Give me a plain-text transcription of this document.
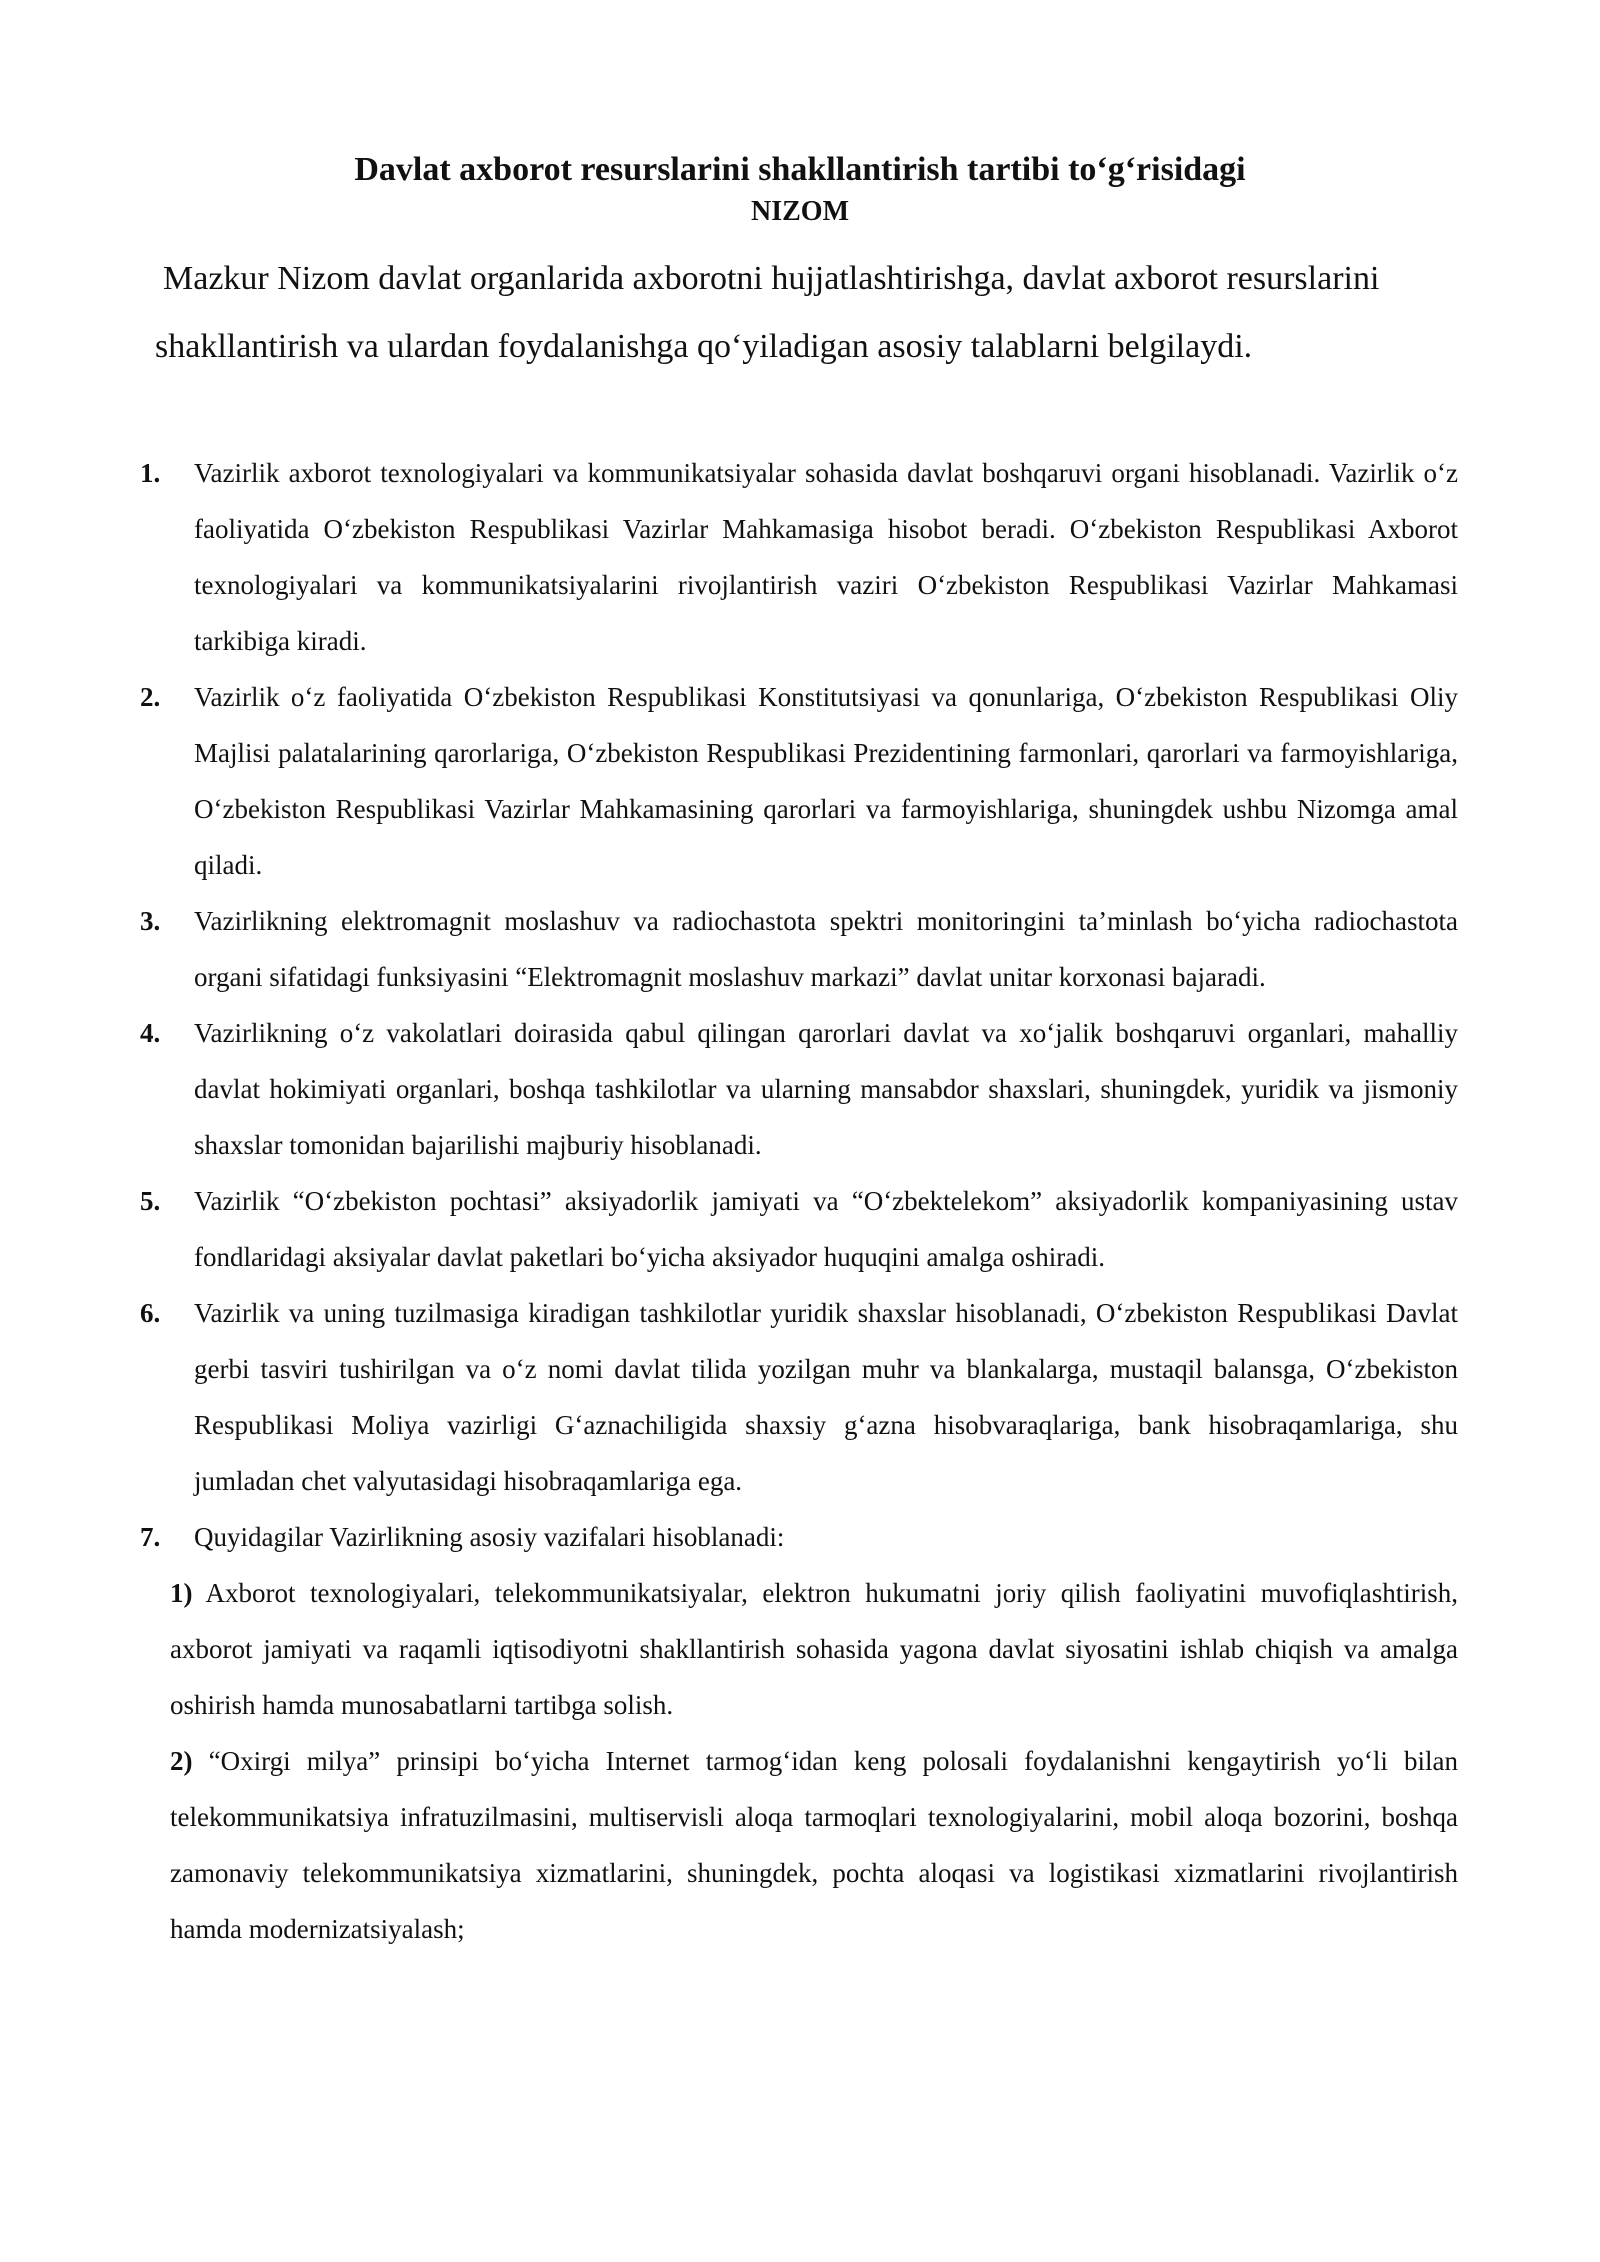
Davlat axborot resurslarini shakllantirish tartibi to‘g‘risidagi
NIZOM

Mazkur Nizom davlat organlarida axborotni hujjatlashtirishga, davlat axborot resurslarini shakllantirish va ulardan foydalanishga qo‘yiladigan asosiy talablarni belgilaydi.

1. Vazirlik axborot texnologiyalari va kommunikatsiyalar sohasida davlat boshqaruvi organi hisoblanadi. Vazirlik o‘z faoliyatida O‘zbekiston Respublikasi Vazirlar Mahkamasiga hisobot beradi. O‘zbekiston Respublikasi Axborot texnologiyalari va kommunikatsiyalarini rivojlantirish vaziri O‘zbekiston Respublikasi Vazirlar Mahkamasi tarkibiga kiradi.
2. Vazirlik o‘z faoliyatida O‘zbekiston Respublikasi Konstitutsiyasi va qonunlariga, O‘zbekiston Respublikasi Oliy Majlisi palatalarining qarorlariga, O‘zbekiston Respublikasi Prezidentining farmonlari, qarorlari va farmoyishlariga, O‘zbekiston Respublikasi Vazirlar Mahkamasining qarorlari va farmoyishlariga, shuningdek ushbu Nizomga amal qiladi.
3. Vazirlikning elektromagnit moslashuv va radiochastota spektri monitoringini ta’minlash bo‘yicha radiochastota organi sifatidagi funksiyasini “Elektromagnit moslashuv markazi” davlat unitar korxonasi bajaradi.
4. Vazirlikning o‘z vakolatlari doirasida qabul qilingan qarorlari davlat va xo‘jalik boshqaruvi organlari, mahalliy davlat hokimiyati organlari, boshqa tashkilotlar va ularning mansabdor shaxslari, shuningdek, yuridik va jismoniy shaxslar tomonidan bajarilishi majburiy hisoblanadi.
5. Vazirlik “O‘zbekiston pochtasi” aksiyadorlik jamiyati va “O‘zbektelekom” aksiyadorlik kompaniyasining ustav fondlaridagi aksiyalar davlat paketlari bo‘yicha aksiyador huquqini amalga oshiradi.
6. Vazirlik va uning tuzilmasiga kiradigan tashkilotlar yuridik shaxslar hisoblanadi, O‘zbekiston Respublikasi Davlat gerbi tasviri tushirilgan va o‘z nomi davlat tilida yozilgan muhr va blankalarga, mustaqil balansga, O‘zbekiston Respublikasi Moliya vazirligi G‘aznachiligida shaxsiy g‘azna hisobvaraqlariga, bank hisobraqamlariga, shu jumladan chet valyutasidagi hisobraqamlariga ega.
7. Quyidagilar Vazirlikning asosiy vazifalari hisoblanadi:
1) Axborot texnologiyalari, telekommunikatsiyalar, elektron hukumatni joriy qilish faoliyatini muvofiqlashtirish, axborot jamiyati va raqamli iqtisodiyotni shakllantirish sohasida yagona davlat siyosatini ishlab chiqish va amalga oshirish hamda munosabatlarni tartibga solish.
2) “Oxirgi milya” prinsipi bo‘yicha Internet tarmog‘idan keng polosali foydalanishni kengaytirish yo‘li bilan telekommunikatsiya infratuzilmasini, multiservisli aloqa tarmoqlari texnologiyalarini, mobil aloqa bozorini, boshqa zamonaviy telekommunikatsiya xizmatlarini, shuningdek, pochta aloqasi va logistikasi xizmatlarini rivojlantirish hamda modernizatsiyalash;
